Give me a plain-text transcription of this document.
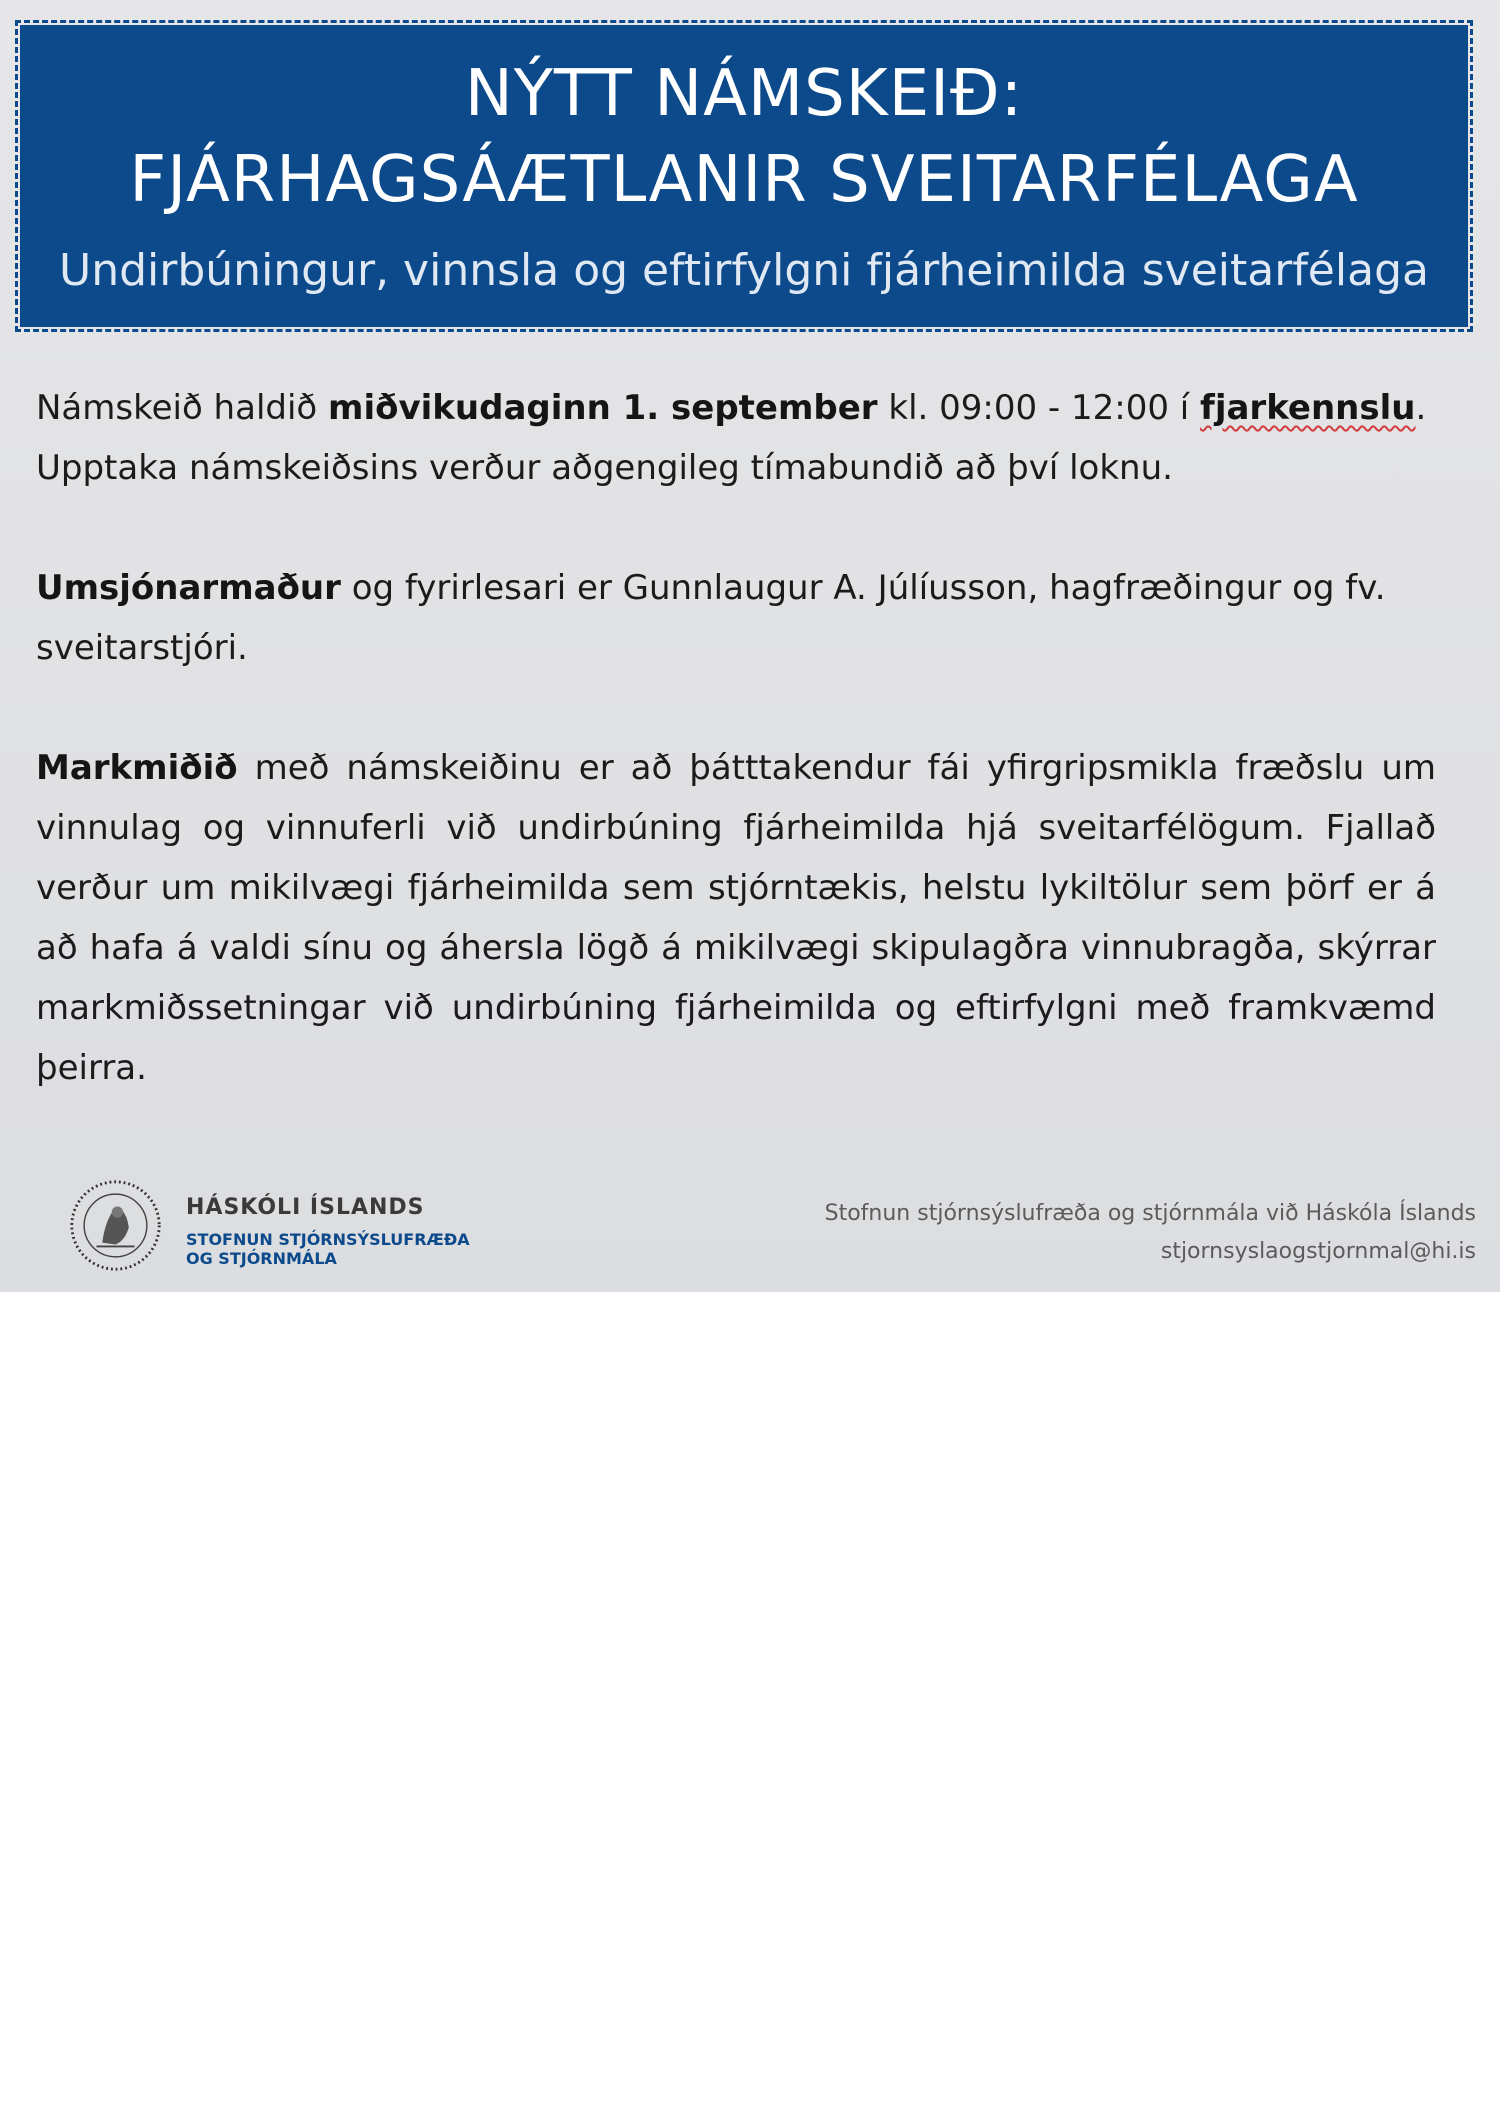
NÝTT NÁMSKEIÐ:
FJÁRHAGSÁÆTLANIR SVEITARFÉLAGA
Undirbúningur, vinnsla og eftirfylgni fjárheimilda sveitarfélaga

Námskeið haldið miðvikudaginn 1. september kl. 09:00 - 12:00 í fjarkennslu.
Upptaka námskeiðsins verður aðgengileg tímabundið að því loknu.

Umsjónarmaður og fyrirlesari er Gunnlaugur A. Júlíusson, hagfræðingur og fv. sveitarstjóri.

Markmiðið með námskeiðinu er að þátttakendur fái yfirgripsmikla fræðslu um vinnulag og vinnuferli við undirbúning fjárheimilda hjá sveitarfélögum. Fjallað verður um mikilvægi fjárheimilda sem stjórntækis, helstu lykiltölur sem þörf er á að hafa á valdi sínu og áhersla lögð á mikilvægi skipulagðra vinnubragða, skýrrar markmiðssetningar við undirbúning fjárheimilda og eftirfylgni með framkvæmd þeirra.

HÁSKÓLI ÍSLANDS
STOFNUN STJÓRNSÝSLUFRÆÐA
OG STJÓRNMÁLA
Stofnun stjórnsýslufræða og stjórnmála við Háskóla Íslands
stjornsyslaogstjornmal@hi.is
